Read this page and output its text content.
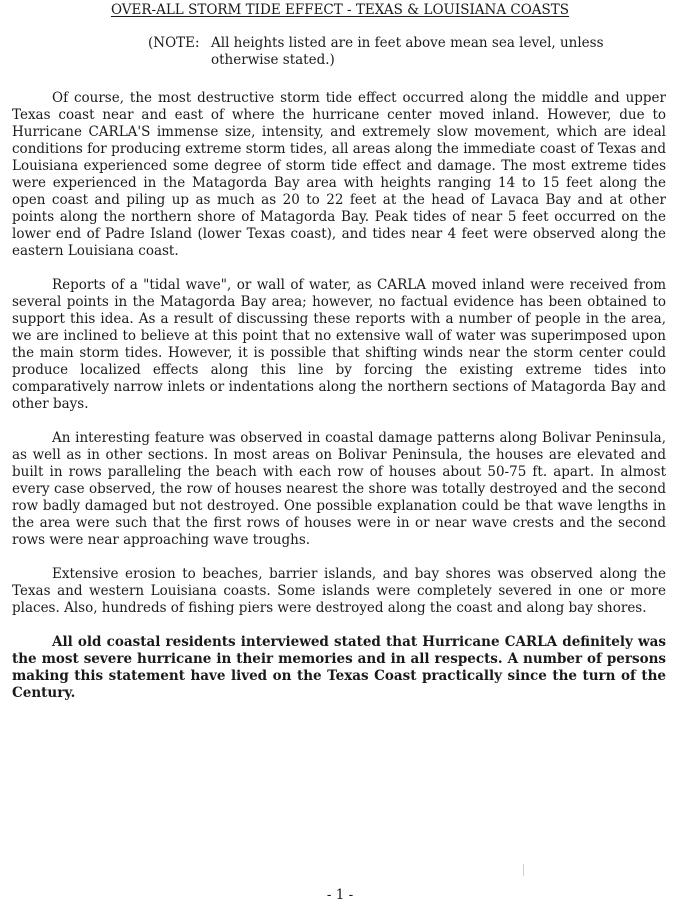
OVER-ALL STORM TIDE EFFECT - TEXAS & LOUISIANA COASTS
(NOTE: All heights listed are in feet above mean sea level, unless otherwise stated.)

Of course, the most destructive storm tide effect occurred along the middle and upper Texas coast near and east of where the hurricane center moved inland. However, due to Hurricane CARLA'S immense size, intensity, and extremely slow movement, which are ideal conditions for producing extreme storm tides, all areas along the immediate coast of Texas and Louisiana experienced some degree of storm tide effect and damage. The most extreme tides were experienced in the Matagorda Bay area with heights ranging 14 to 15 feet along the open coast and piling up as much as 20 to 22 feet at the head of Lavaca Bay and at other points along the northern shore of Matagorda Bay. Peak tides of near 5 feet occurred on the lower end of Padre Island (lower Texas coast), and tides near 4 feet were observed along the eastern Louisiana coast.

Reports of a "tidal wave", or wall of water, as CARLA moved inland were received from several points in the Matagorda Bay area; however, no factual evidence has been obtained to support this idea. As a result of discussing these reports with a number of people in the area, we are inclined to believe at this point that no extensive wall of water was superimposed upon the main storm tides. However, it is possible that shifting winds near the storm center could produce localized effects along this line by forcing the existing extreme tides into comparatively narrow inlets or indentations along the northern sections of Matagorda Bay and other bays.

An interesting feature was observed in coastal damage patterns along Bolivar Peninsula, as well as in other sections. In most areas on Bolivar Peninsula, the houses are elevated and built in rows paralleling the beach with each row of houses about 50-75 ft. apart. In almost every case observed, the row of houses nearest the shore was totally destroyed and the second row badly damaged but not destroyed. One possible explanation could be that wave lengths in the area were such that the first rows of houses were in or near wave crests and the second rows were near approaching wave troughs.

Extensive erosion to beaches, barrier islands, and bay shores was observed along the Texas and western Louisiana coasts. Some islands were completely severed in one or more places. Also, hundreds of fishing piers were destroyed along the coast and along bay shores.

All old coastal residents interviewed stated that Hurricane CARLA definitely was the most severe hurricane in their memories and in all respects. A number of persons making this statement have lived on the Texas Coast practically since the turn of the Century.

- 1 -
